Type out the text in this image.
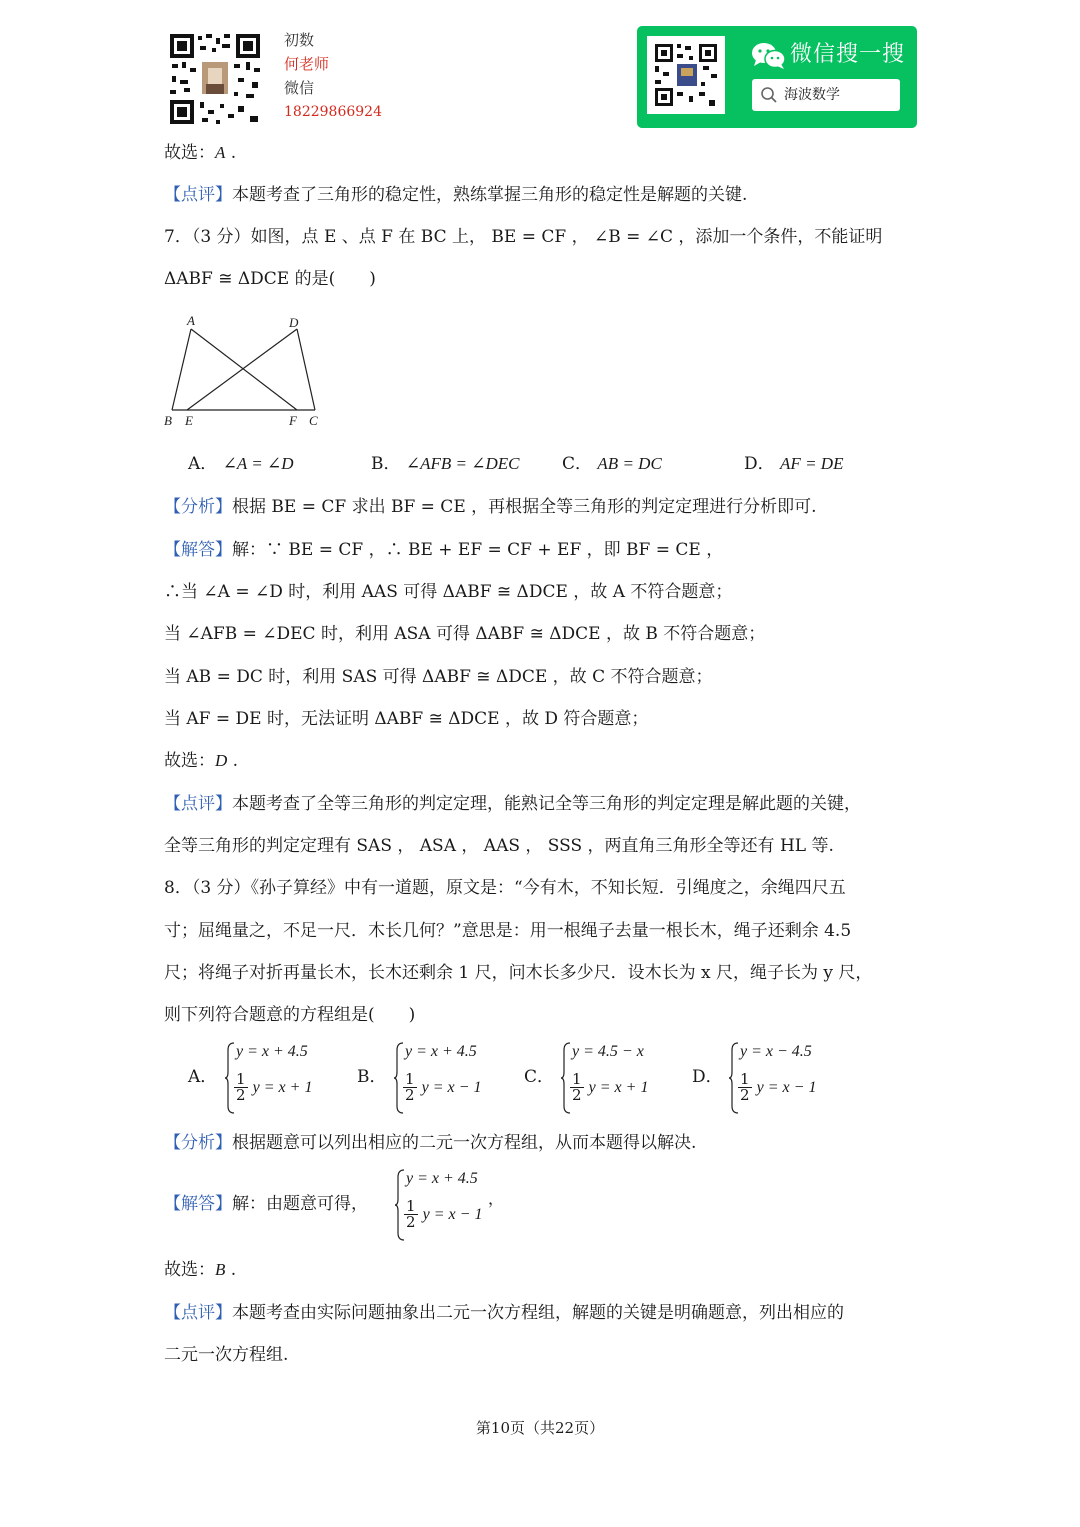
初数
何老师
微信
18229866924
微信搜一搜
海波数学
故选：A .
【点评】本题考查了三角形的稳定性，熟练掌握三角形的稳定性是解题的关键.
7．（3 分）如图，点 E 、点 F 在 BC 上， BE = CF ， ∠B = ∠C ，添加一个条件，不能证明
ΔABF ≅ ΔDCE 的是(　　)
A	D
B E	F C
A． ∠A = ∠D	B． ∠AFB = ∠DEC C． AB = DC	D． AF = DE
【分析】根据 BE = CF 求出 BF = CE ，再根据全等三角形的判定定理进行分析即可.
【解答】解：∵ BE = CF ，∴ BE + EF = CF + EF ，即 BF = CE ，
∴当 ∠A = ∠D 时，利用 AAS 可得 ΔABF ≅ ΔDCE ，故 A 不符合题意；
当 ∠AFB = ∠DEC 时，利用 ASA 可得 ΔABF ≅ ΔDCE ，故 B 不符合题意；
当 AB = DC 时，利用 SAS 可得 ΔABF ≅ ΔDCE ，故 C 不符合题意；
当 AF = DE 时，无法证明 ΔABF ≅ ΔDCE ，故 D 符合题意；
故选：D .
【点评】本题考查了全等三角形的判定定理，能熟记全等三角形的判定定理是解此题的关键，
全等三角形的判定定理有 SAS ， ASA ， AAS ， SSS ，两直角三角形全等还有 HL 等.
8．（3 分）《孙子算经》中有一道题，原文是：“今有木，不知长短．引绳度之，余绳四尺五
寸；屈绳量之，不足一尺．木长几何？”意思是：用一根绳子去量一根长木，绳子还剩余 4.5
尺；将绳子对折再量长木，长木还剩余 1 尺，问木长多少尺．设木长为 x 尺，绳子长为 y 尺，
则下列符合题意的方程组是(　　)
A．
y = x + 4.5
$\frac{1}{2}$ y = x + 1
B．
y = x + 4.5
$\frac{1}{2}$ y = x − 1
C．
y = 4.5 − x
$\frac{1}{2}$ y = x + 1
D．
y = x − 4.5
$\frac{1}{2}$ y = x − 1
【分析】根据题意可以列出相应的二元一次方程组，从而本题得以解决.
【解答】解：由题意可得，
y = x + 4.5
$\frac{1}{2}$ y = x − 1
，
故选：B .
【点评】本题考查由实际问题抽象出二元一次方程组，解题的关键是明确题意，列出相应的
二元一次方程组.
第10页（共22页）
